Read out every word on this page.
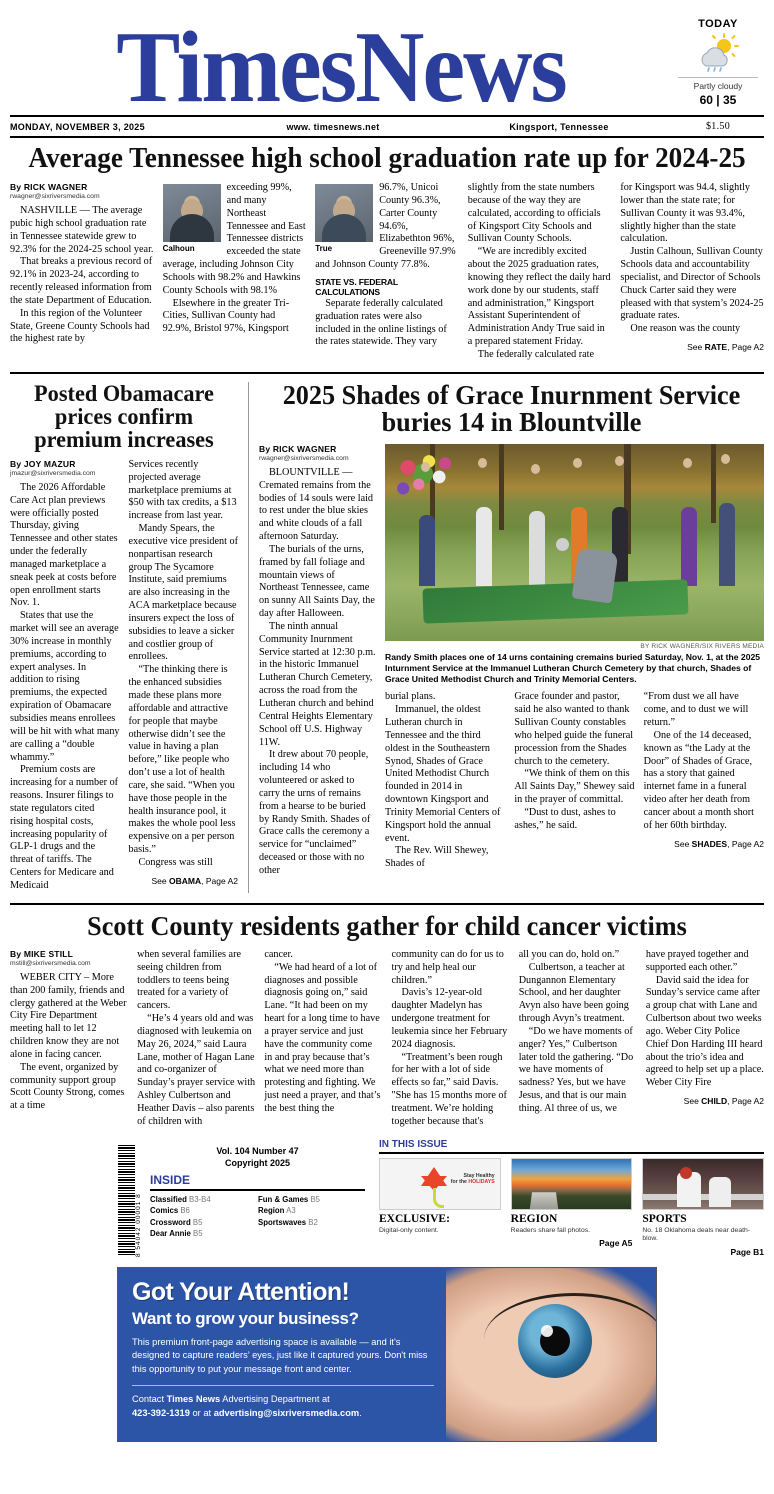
TimesNews	TODAY
Partly cloudy
60 | 35
MONDAY, NOVEMBER 3, 2025	www. timesnews.net	Kingsport, Tennessee	$1.50
Average Tennessee high school graduation rate up for 2024-25
By RICK WAGNER
rwagner@sixriversmedia.com

NASHVILLE — The average pubic high school graduation rate in Tennessee statewide grew to 92.3% for the 2024-25 school year.

That breaks a previous record of 92.1% in 2023-24, according to recently released information from the state Department of Education.

In this region of the Volunteer State, Greene County Schools had the highest rate by

Calhoun

exceeding 99%, and many Northeast Tennessee and East Tennessee districts exceeded the state average, including Johnson City Schools with 98.2% and Hawkins County Schools with 98.1%

Elsewhere in the greater Tri-Cities, Sullivan County had 92.9%, Bristol 97%, Kingsport

True

96.7%, Unicoi County 96.3%, Carter County 94.6%, Elizabethton 96%, Greeneville 97.9% and Johnson County 77.8%.

STATE VS. FEDERAL CALCULATIONS

Separate federally calculated graduation rates were also included in the online listings of the rates statewide. They vary

slightly from the state numbers because of the way they are calculated, according to officials of Kingsport City Schools and Sullivan County Schools.

“We are incredibly excited about the 2025 graduation rates, knowing they reflect the daily hard work done by our students, staff and administration,” Kingsport Assistant Superintendent of Administration Andy True said in a prepared statement Friday.

The federally calculated rate

for Kingsport was 94.4, slightly lower than the state rate; for Sullivan County it was 93.4%, slightly higher than the state calculation.

Justin Calhoun, Sullivan County Schools data and accountability specialist, and Director of Schools Chuck Carter said they were pleased with that system’s 2024-25 graduate rates.

One reason was the county

See RATE, Page A2
Posted Obamacare prices confirm premium increases
By JOY MAZUR
jmazur@sixriversmedia.com

The 2026 Affordable Care Act plan previews were officially posted Thursday, giving Tennessee and other states under the federally managed marketplace a sneak peek at costs before open enrollment starts Nov. 1.

States that use the market will see an average 30% increase in monthly premiums, according to expert analyses. In addition to rising premiums, the expected expiration of Obamacare subsidies means enrollees will be hit with what many are calling a “double whammy.”

Premium costs are increasing for a number of reasons. Insurer filings to state regulators cited rising hospital costs, increasing popularity of GLP-1 drugs and the threat of tariffs. The Centers for Medicare and Medicaid

Services recently projected average marketplace premiums at $50 with tax credits, a $13 increase from last year.

Mandy Spears, the executive vice president of nonpartisan research group The Sycamore Institute, said premiums are also increasing in the ACA marketplace because insurers expect the loss of subsidies to leave a sicker and costlier group of enrollees.

“The thinking there is the enhanced subsidies made these plans more affordable and attractive for people that maybe otherwise didn’t see the value in having a plan before,” like people who don’t use a lot of health care, she said. “When you have those people in the health insurance pool, it makes the whole pool less expensive on a per person basis.”

Congress was still

See OBAMA, Page A2
2025 Shades of Grace Inurnment Service buries 14 in Blountville
By RICK WAGNER
rwagner@sixriversmedia.com

BLOUNTVILLE — Cremated remains from the bodies of 14 souls were laid to rest under the blue skies and white clouds of a fall afternoon Saturday.

The burials of the urns, framed by fall foliage and mountain views of Northeast Tennessee, came on sunny All Saints Day, the day after Halloween.

The ninth annual Community Inurnment Service started at 12:30 p.m. in the historic Immanuel Lutheran Church Cemetery, across the road from the Lutheran church and behind Central Heights Elementary School off U.S. Highway 11W.

It drew about 70 people, including 14 who volunteered or asked to carry the urns of remains from a hearse to be buried by Randy Smith. Shades of Grace calls the ceremony a service for “unclaimed” deceased or those with no other

BY RICK WAGNER/SIX RIVERS MEDIA
Randy Smith places one of 14 urns containing cremains buried Saturday, Nov. 1, at the 2025 Inturnment Service at the Immanuel Lutheran Church Cemetery by that church, Shades of Grace United Methodist Church and Trinity Memorial Centers.

burial plans.

Immanuel, the oldest Lutheran church in Tennessee and the third oldest in the Southeastern Synod, Shades of Grace United Methodist Church founded in 2014 in downtown Kingsport and Trinity Memorial Centers of Kingsport hold the annual event.

The Rev. Will Shewey, Shades of

Grace founder and pastor, said he also wanted to thank Sullivan County constables who helped guide the funeral procession from the Shades church to the cemetery.

“We think of them on this All Saints Day,” Shewey said in the prayer of committal.

“Dust to dust, ashes to ashes,” he said.

“From dust we all have come, and to dust we will return.”

One of the 14 deceased, known as “the Lady at the Door” of Shades of Grace, has a story that gained internet fame in a funeral video after her death from cancer about a month short of her 60th birthday.

See SHADES, Page A2
Scott County residents gather for child cancer victims
By MIKE STILL
mstill@sixriversmedia.com

WEBER CITY – More than 200 family, friends and clergy gathered at the Weber City Fire Department meeting hall to let 12 children know they are not alone in facing cancer.

The event, organized by community support group Scott County Strong, comes at a time

when several families are seeing children from toddlers to teens being treated for a variety of cancers.

“He’s 4 years old and was diagnosed with leukemia on May 26, 2024,” said Laura Lane, mother of Hagan Lane and co-organizer of Sunday’s prayer service with Ashley Culbertson and Heather Davis – also parents of children with

cancer.

“We had heard of a lot of diagnoses and possible diagnosis going on,” said Lane. “It had been on my heart for a long time to have a prayer service and just have the community come in and pray because that’s what we need more than protesting and fighting. We just need a prayer, and that’s the best thing the

community can do for us to try and help heal our children.”

Davis’s 12-year-old daughter Madelyn has undergone treatment for leukemia since her February 2024 diagnosis.

“Treatment’s been rough for her with a lot of side effects so far,” said Davis. "She has 15 months more of treatment. We’re holding together because that's

all you can do, hold on.”

Culbertson, a teacher at Dungannon Elementary School, and her daughter Avyn also have been going through Avyn’s treatment.

“Do we have moments of anger? Yes,” Culbertson later told the gathering. “Do we have moments of sadness? Yes, but we have Jesus, and that is our main thing. Al three of us, we

have prayed together and supported each other.”

David said the idea for Sunday’s service came after a group chat with Lane and Culbertson about two weeks ago. Weber City Police Chief Don Harding III heard about the trio’s idea and agreed to help set up a place. Weber City Fire

See CHILD, Page A2
8 54042 00001 8
Vol. 104 Number 47
Copyright 2025
INSIDE
Classified B3-B4
Comics B6
Crossword B5
Dear Annie B5
Fun & Games B5
Region A3
Sportswaves B2
IN THIS ISSUE
Stay Healthy
for the HOLIDAYS
EXCLUSIVE:
Digital-only content.
REGION
Readers share fall photos.
Page A5
SPORTS
No. 18 Oklahoma deals near death-blow.
Page B1
Got Your Attention!
Want to grow your business?
This premium front-page advertising space is available — and it's designed to capture readers’ eyes, just like it captured yours. Don't miss this opportunity to put your message front and center.
Contact Times News Advertising Department at
423-392-1319 or at advertising@sixriversmedia.com.
